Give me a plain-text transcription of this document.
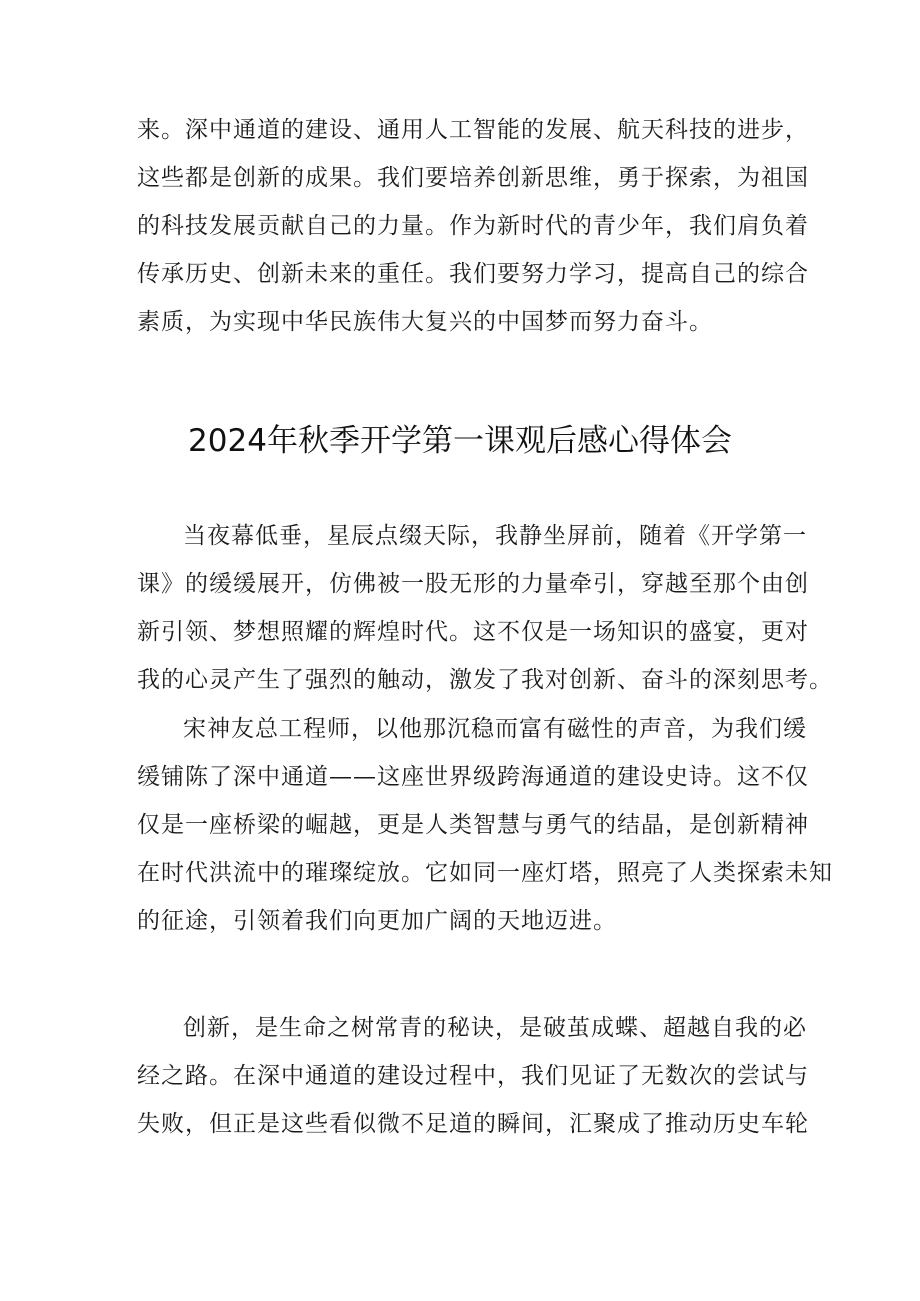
来。深中通道的建设、通用人工智能的发展、航天科技的进步，
这些都是创新的成果。我们要培养创新思维，勇于探索，为祖国
的科技发展贡献自己的力量。作为新时代的青少年，我们肩负着
传承历史、创新未来的重任。我们要努力学习，提高自己的综合
素质，为实现中华民族伟大复兴的中国梦而努力奋斗。
2024年秋季开学第一课观后感心得体会
当夜幕低垂，星辰点缀天际，我静坐屏前，随着《开学第一
课》的缓缓展开，仿佛被一股无形的力量牵引，穿越至那个由创
新引领、梦想照耀的辉煌时代。这不仅是一场知识的盛宴，更对
我的心灵产生了强烈的触动，激发了我对创新、奋斗的深刻思考。
宋神友总工程师，以他那沉稳而富有磁性的声音，为我们缓
缓铺陈了深中通道——这座世界级跨海通道的建设史诗。这不仅
仅是一座桥梁的崛越，更是人类智慧与勇气的结晶，是创新精神
在时代洪流中的璀璨绽放。它如同一座灯塔，照亮了人类探索未知
的征途，引领着我们向更加广阔的天地迈进。
创新，是生命之树常青的秘诀，是破茧成蝶、超越自我的必
经之路。在深中通道的建设过程中，我们见证了无数次的尝试与
失败，但正是这些看似微不足道的瞬间，汇聚成了推动历史车轮
